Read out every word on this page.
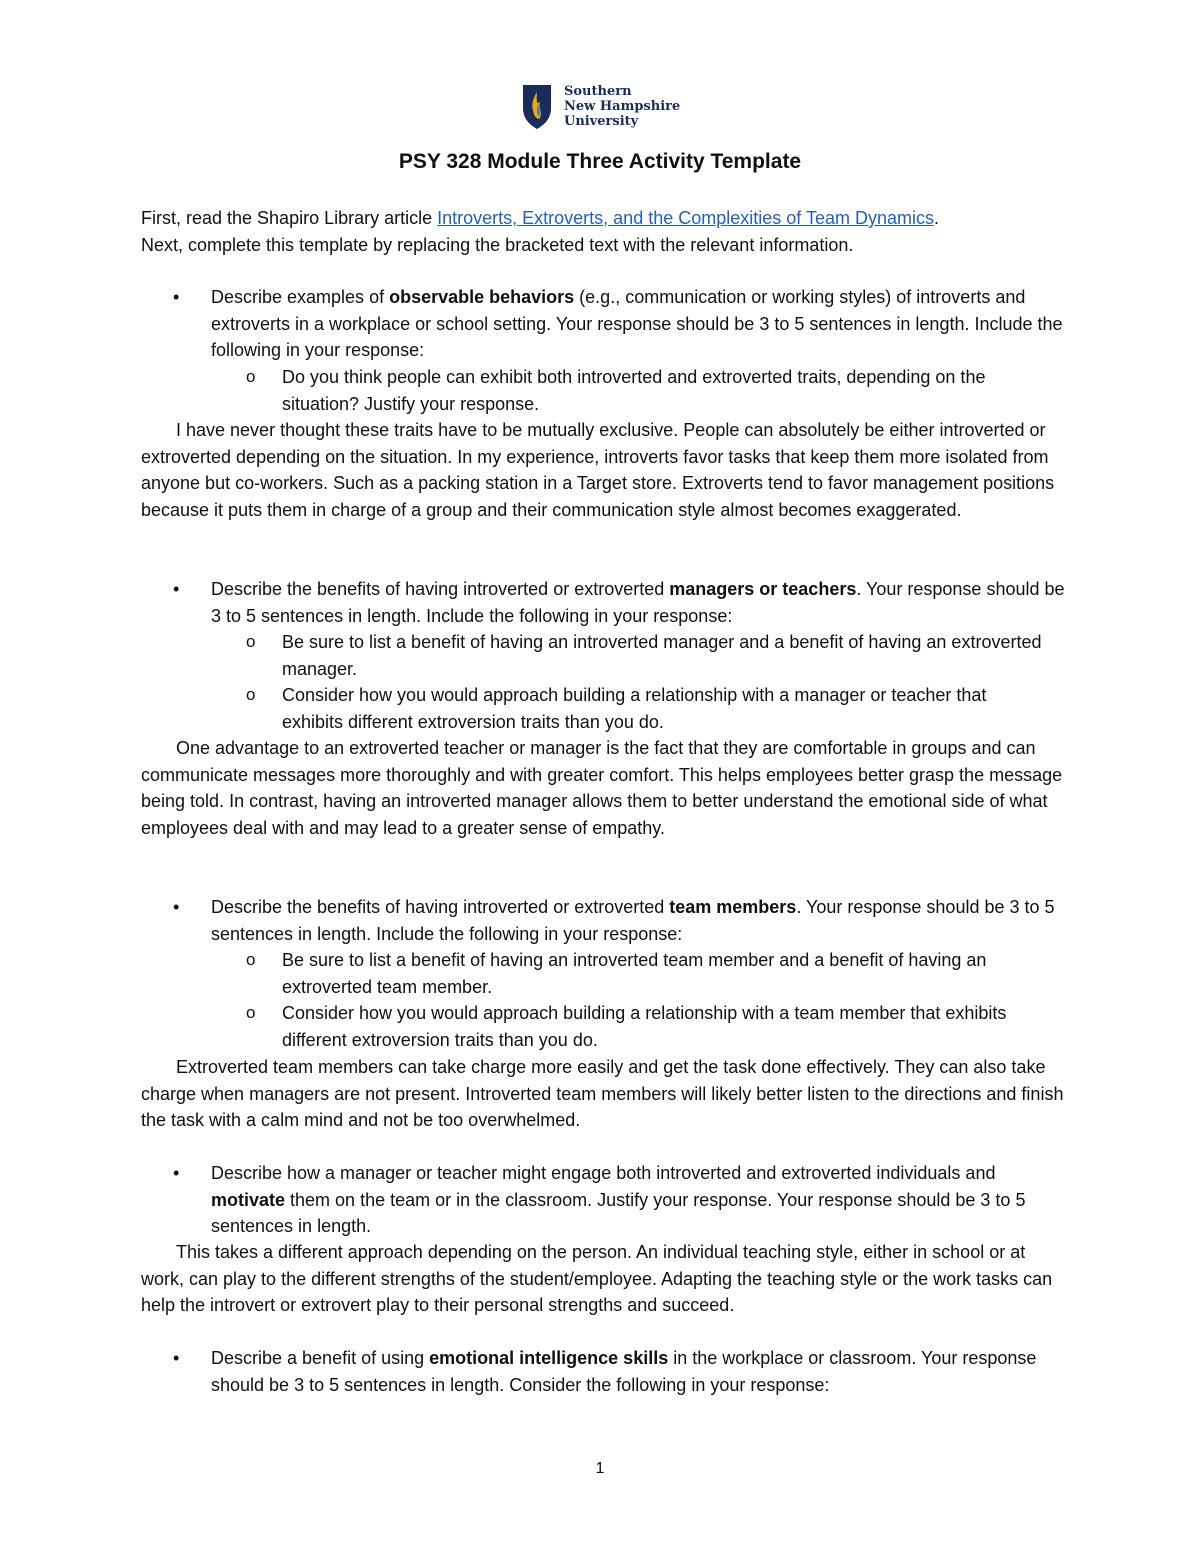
Southern
New Hampshire
University
PSY 328 Module Three Activity Template
First, read the Shapiro Library article Introverts, Extroverts, and the Complexities of Team Dynamics.
Next, complete this template by replacing the bracketed text with the relevant information.
•	Describe examples of observable behaviors (e.g., communication or working styles) of introverts and extroverts in a workplace or school setting. Your response should be 3 to 5 sentences in length. Include the following in your response:
o Do you think people can exhibit both introverted and extroverted traits, depending on the situation? Justify your response.
I have never thought these traits have to be mutually exclusive. People can absolutely be either introverted or extroverted depending on the situation. In my experience, introverts favor tasks that keep them more isolated from anyone but co-workers. Such as a packing station in a Target store. Extroverts tend to favor management positions because it puts them in charge of a group and their communication style almost becomes exaggerated.
•	Describe the benefits of having introverted or extroverted managers or teachers. Your response should be 3 to 5 sentences in length. Include the following in your response:
o Be sure to list a benefit of having an introverted manager and a benefit of having an extroverted manager.
o Consider how you would approach building a relationship with a manager or teacher that exhibits different extroversion traits than you do.
One advantage to an extroverted teacher or manager is the fact that they are comfortable in groups and can communicate messages more thoroughly and with greater comfort. This helps employees better grasp the message being told. In contrast, having an introverted manager allows them to better understand the emotional side of what employees deal with and may lead to a greater sense of empathy.
•	Describe the benefits of having introverted or extroverted team members. Your response should be 3 to 5 sentences in length. Include the following in your response:
o Be sure to list a benefit of having an introverted team member and a benefit of having an extroverted team member.
o Consider how you would approach building a relationship with a team member that exhibits different extroversion traits than you do.
Extroverted team members can take charge more easily and get the task done effectively. They can also take charge when managers are not present. Introverted team members will likely better listen to the directions and finish the task with a calm mind and not be too overwhelmed.
•	Describe how a manager or teacher might engage both introverted and extroverted individuals and motivate them on the team or in the classroom. Justify your response. Your response should be 3 to 5 sentences in length.
This takes a different approach depending on the person. An individual teaching style, either in school or at work, can play to the different strengths of the student/employee. Adapting the teaching style or the work tasks can help the introvert or extrovert play to their personal strengths and succeed.
•	Describe a benefit of using emotional intelligence skills in the workplace or classroom. Your response should be 3 to 5 sentences in length. Consider the following in your response:
1
